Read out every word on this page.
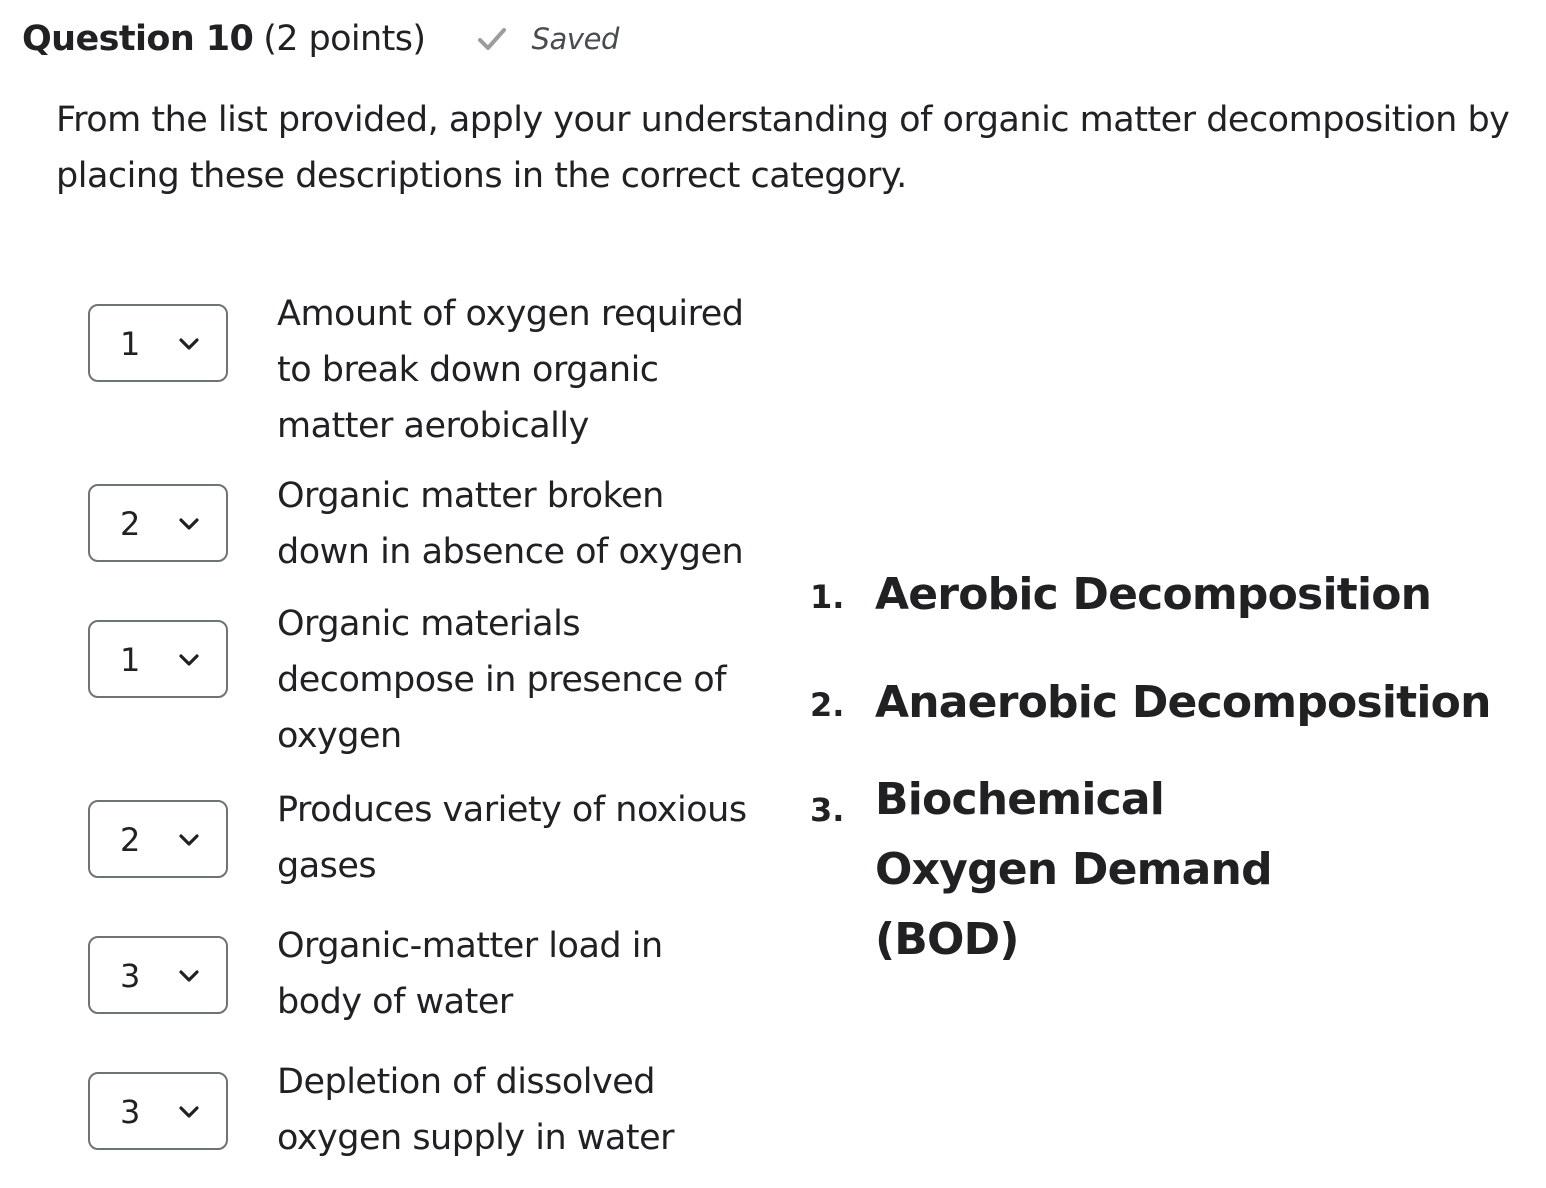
Question 10 (2 points)	Saved
From the list provided, apply your understanding of organic matter decomposition by placing these descriptions in the correct category.
1
Amount of oxygen required to break down organic matter aerobically
2
Organic matter broken down in absence of oxygen
1
Organic materials decompose in presence of oxygen
2
Produces variety of noxious gases
3
Organic-matter load in body of water
3
Depletion of dissolved oxygen supply in water
1. Aerobic Decomposition
2. Anaerobic Decomposition
3. Biochemical Oxygen Demand (BOD)
